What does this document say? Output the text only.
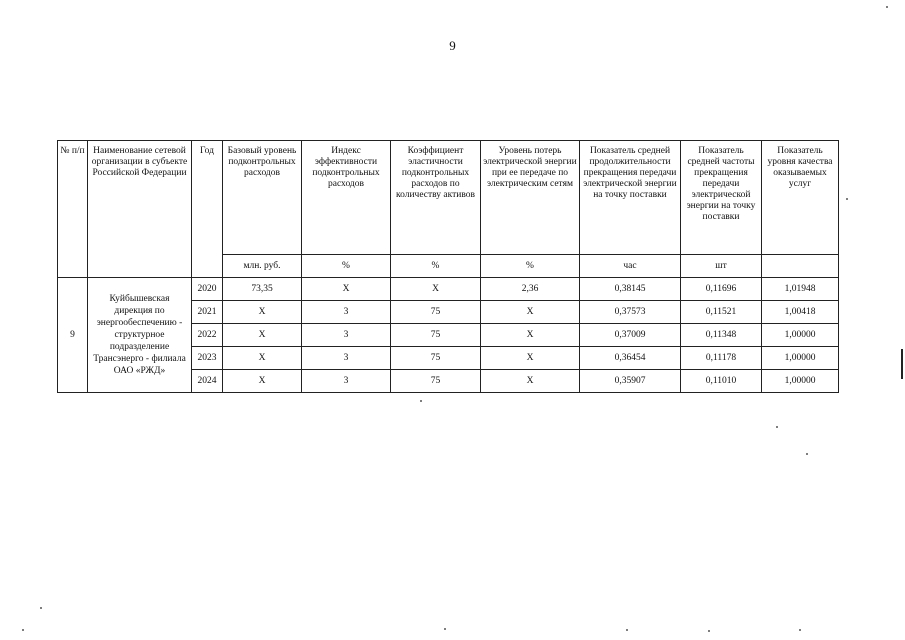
9
№ п/п	Наименование сетевой организации в субъекте Российской Федерации	Год	Базовый уровень подконтрольных расходов	Индекс эффективности подконтрольных расходов	Коэффициент эластичности подконтрольных расходов по количеству активов	Уровень потерь электрической энергии при ее передаче по электрическим сетям	Показатель средней продолжительности прекращения передачи электрической энергии на точку поставки	Показатель средней частоты прекращения передачи электрической энергии на точку поставки	Показатель уровня качества оказываемых услуг
			млн. руб.	%	%	%	час	шт	
9	Куйбышевская дирекция по энергообеспечению - структурное подразделение Трансэнерго - филиала ОАО «РЖД»	2020	73,35	X	X	2,36	0,38145	0,11696	1,01948
		2021	X	3	75	X	0,37573	0,11521	1,00418
		2022	X	3	75	X	0,37009	0,11348	1,00000
		2023	X	3	75	X	0,36454	0,11178	1,00000
		2024	X	3	75	X	0,35907	0,11010	1,00000
